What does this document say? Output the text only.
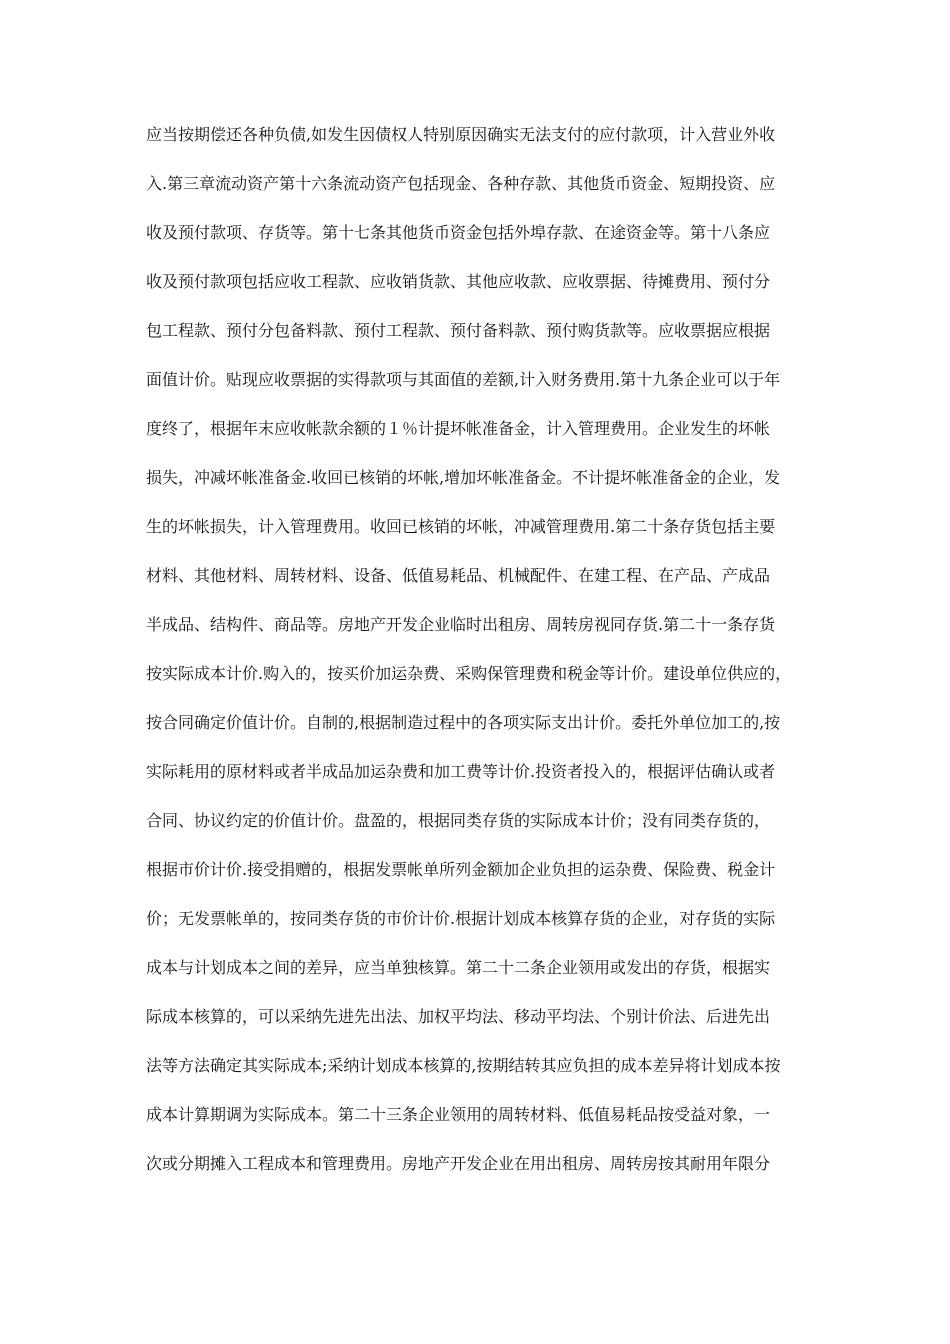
应当按期偿还各种负债,如发生因债权人特别原因确实无法支付的应付款项，计入营业外收
入.第三章流动资产第十六条流动资产包括现金、各种存款、其他货币资金、短期投资、应
收及预付款项、存货等。第十七条其他货币资金包括外埠存款、在途资金等。第十八条应
收及预付款项包括应收工程款、应收销货款、其他应收款、应收票据、待摊费用、预付分
包工程款、预付分包备料款、预付工程款、预付备料款、预付购货款等。应收票据应根据
面值计价。贴现应收票据的实得款项与其面值的差额,计入财务费用.第十九条企业可以于年
度终了，根据年末应收帐款余额的１％计提坏帐准备金，计入管理费用。企业发生的坏帐
损失，冲减坏帐准备金.收回已核销的坏帐,增加坏帐准备金。不计提坏帐准备金的企业，发
生的坏帐损失，计入管理费用。收回已核销的坏帐，冲减管理费用.第二十条存货包括主要
材料、其他材料、周转材料、设备、低值易耗品、机械配件、在建工程、在产品、产成品
半成品、结构件、商品等。房地产开发企业临时出租房、周转房视同存货.第二十一条存货
按实际成本计价.购入的，按买价加运杂费、采购保管理费和税金等计价。建设单位供应的，
按合同确定价值计价。自制的,根据制造过程中的各项实际支出计价。委托外单位加工的,按
实际耗用的原材料或者半成品加运杂费和加工费等计价.投资者投入的，根据评估确认或者
合同、协议约定的价值计价。盘盈的，根据同类存货的实际成本计价；没有同类存货的，
根据市价计价.接受捐赠的，根据发票帐单所列金额加企业负担的运杂费、保险费、税金计
价；无发票帐单的，按同类存货的市价计价.根据计划成本核算存货的企业，对存货的实际
成本与计划成本之间的差异，应当单独核算。第二十二条企业领用或发出的存货，根据实
际成本核算的，可以采纳先进先出法、加权平均法、移动平均法、个别计价法、后进先出
法等方法确定其实际成本;采纳计划成本核算的,按期结转其应负担的成本差异将计划成本按
成本计算期调为实际成本。第二十三条企业领用的周转材料、低值易耗品按受益对象，一
次或分期摊入工程成本和管理费用。房地产开发企业在用出租房、周转房按其耐用年限分
